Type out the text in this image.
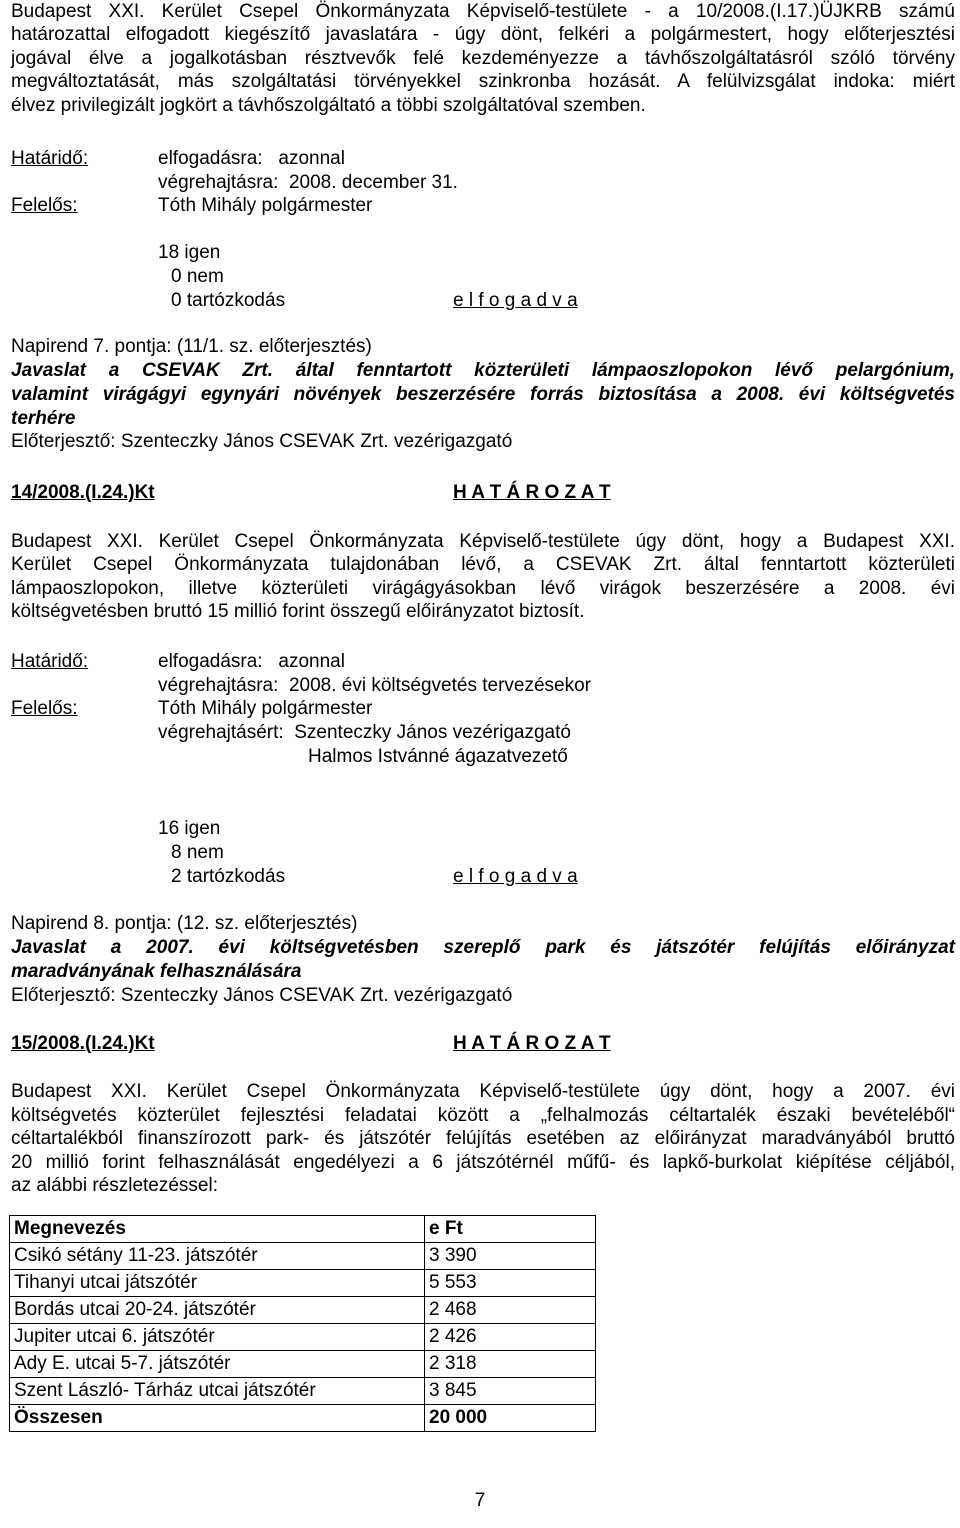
Budapest XXI. Kerület Csepel Önkormányzata Képviselő-testülete - a 10/2008.(I.17.)ÜJKRB számú
határozattal elfogadott kiegészítő javaslatára - úgy dönt, felkéri a polgármestert, hogy előterjesztési
jogával élve a jogalkotásban résztvevők felé kezdeményezze a távhőszolgáltatásról szóló törvény
megváltoztatását, más szolgáltatási törvényekkel szinkronba hozását. A felülvizsgálat indoka: miért
élvez privilegizált jogkört a távhőszolgáltató a többi szolgáltatóval szemben.
Határidő:	elfogadásra:   azonnal
végrehajtásra:  2008. december 31.
Felelős:	Tóth Mihály polgármester
18 igen
0 nem
0 tartózkodás	e l f o g a d v a
Napirend 7. pontja: (11/1. sz. előterjesztés)
Javaslat a CSEVAK Zrt. által fenntartott közterületi lámpaoszlopokon lévő pelargónium,
valamint virágágyi egynyári növények beszerzésére forrás biztosítása a 2008. évi költségvetés
terhére
Előterjesztő: Szenteczky János CSEVAK Zrt. vezérigazgató
14/2008.(I.24.)Kt	H A T Á R O Z A T
Budapest XXI. Kerület Csepel Önkormányzata Képviselő-testülete úgy dönt, hogy a Budapest XXI.
Kerület Csepel Önkormányzata tulajdonában lévő, a CSEVAK Zrt. által fenntartott közterületi
lámpaoszlopokon, illetve közterületi virágágyásokban lévő virágok beszerzésére a 2008. évi
költségvetésben bruttó 15 millió forint összegű előirányzatot biztosít.
Határidő:	elfogadásra:   azonnal
végrehajtásra:  2008. évi költségvetés tervezésekor
Felelős:	Tóth Mihály polgármester
végrehajtásért:  Szenteczky János vezérigazgató
Halmos Istvánné ágazatvezető
16 igen
8 nem
2 tartózkodás	e l f o g a d v a
Napirend 8. pontja: (12. sz. előterjesztés)
Javaslat a 2007. évi költségvetésben szereplő park és játszótér felújítás előirányzat
maradványának felhasználására
Előterjesztő: Szenteczky János CSEVAK Zrt. vezérigazgató
15/2008.(I.24.)Kt	H A T Á R O Z A T
Budapest XXI. Kerület Csepel Önkormányzata Képviselő-testülete úgy dönt, hogy a 2007. évi
költségvetés közterület fejlesztési feladatai között a „felhalmozás céltartalék északi bevételéből“
céltartalékból finanszírozott park- és játszótér felújítás esetében az előirányzat maradványából bruttó
20 millió forint felhasználását engedélyezi a 6 játszótérnél műfű- és lapkő-burkolat kiépítése céljából,
az alábbi részletezéssel:
Megnevezés	e Ft
Csikó sétány 11-23. játszótér	3 390
Tihanyi utcai játszótér	5 553
Bordás utcai 20-24. játszótér	2 468
Jupiter utcai 6. játszótér	2 426
Ady E. utcai 5-7. játszótér	2 318
Szent László- Tárház utcai játszótér	3 845
Összesen	20 000
7
